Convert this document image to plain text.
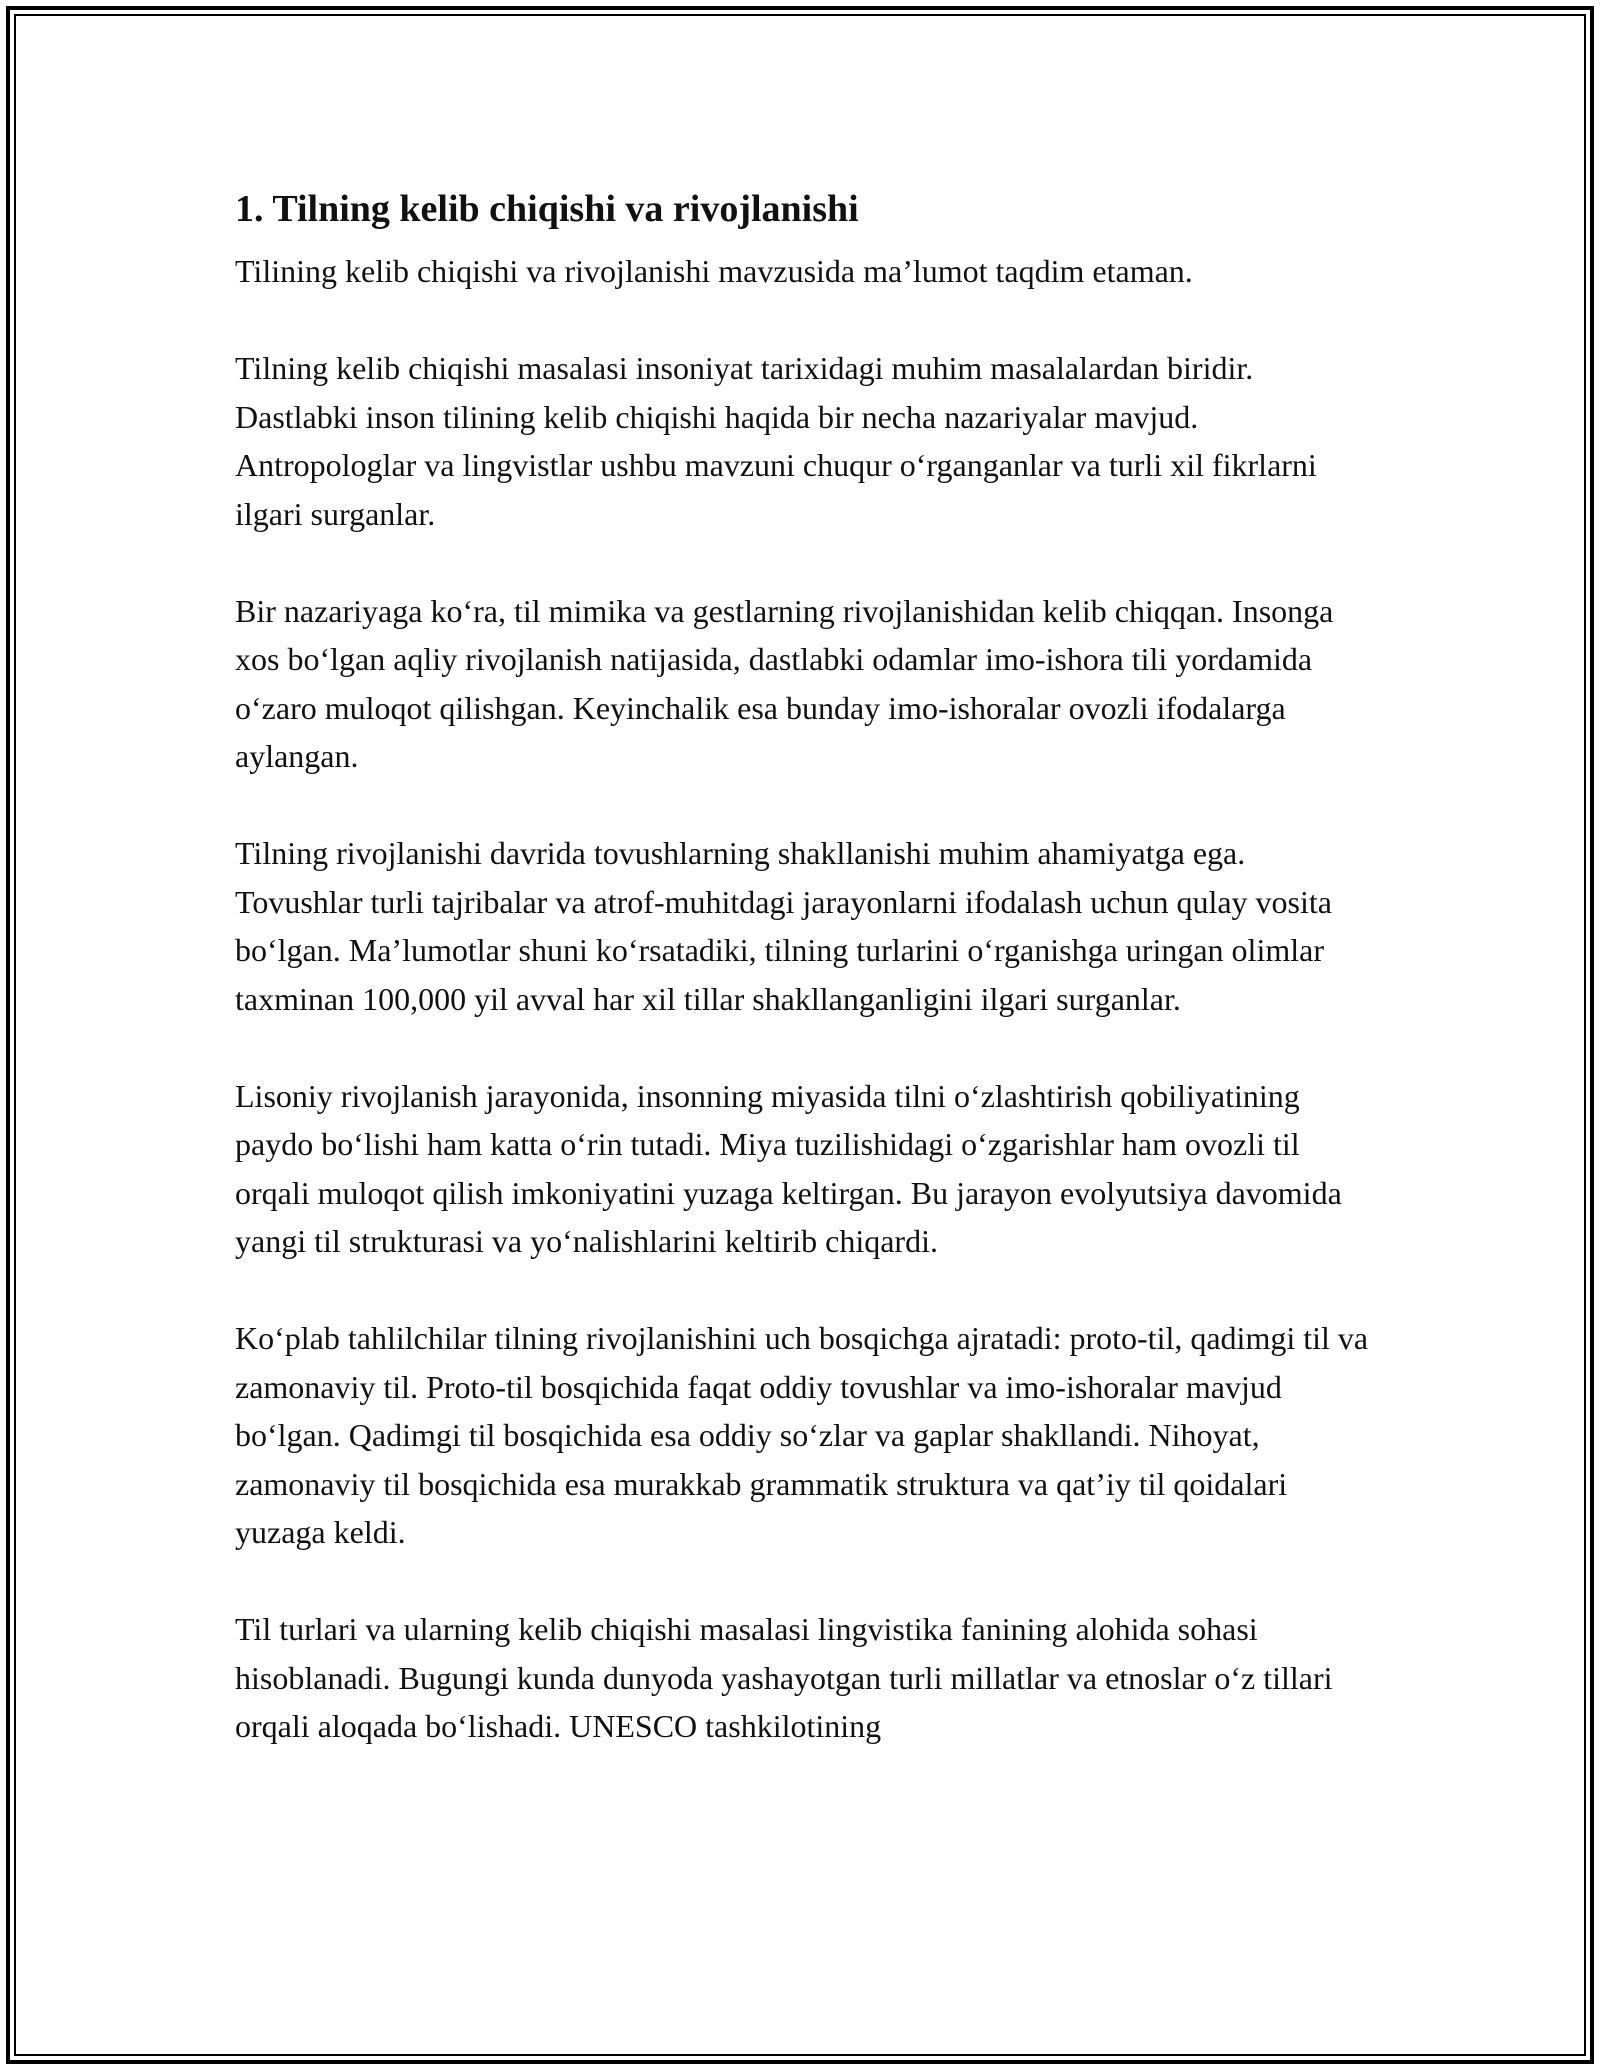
1. Tilning kelib chiqishi va rivojlanishi

Tilining kelib chiqishi va rivojlanishi mavzusida ma’lumot taqdim etaman.

Tilning kelib chiqishi masalasi insoniyat tarixidagi muhim masalalardan biridir. Dastlabki inson tilining kelib chiqishi haqida bir necha nazariyalar mavjud. Antropologlar va lingvistlar ushbu mavzuni chuqur o‘rganganlar va turli xil fikrlarni ilgari surganlar.

Bir nazariyaga ko‘ra, til mimika va gestlarning rivojlanishidan kelib chiqqan. Insonga xos bo‘lgan aqliy rivojlanish natijasida, dastlabki odamlar imo-ishora tili yordamida o‘zaro muloqot qilishgan. Keyinchalik esa bunday imo-ishoralar ovozli ifodalarga aylangan.

Tilning rivojlanishi davrida tovushlarning shakllanishi muhim ahamiyatga ega. Tovushlar turli tajribalar va atrof-muhitdagi jarayonlarni ifodalash uchun qulay vosita bo‘lgan. Ma’lumotlar shuni ko‘rsatadiki, tilning turlarini o‘rganishga uringan olimlar taxminan 100,000 yil avval har xil tillar shakllanganligini ilgari surganlar.

Lisoniy rivojlanish jarayonida, insonning miyasida tilni o‘zlashtirish qobiliyatining paydo bo‘lishi ham katta o‘rin tutadi. Miya tuzilishidagi o‘zgarishlar ham ovozli til orqali muloqot qilish imkoniyatini yuzaga keltirgan. Bu jarayon evolyutsiya davomida yangi til strukturasi va yo‘nalishlarini keltirib chiqardi.

Ko‘plab tahlilchilar tilning rivojlanishini uch bosqichga ajratadi: proto-til, qadimgi til va zamonaviy til. Proto-til bosqichida faqat oddiy tovushlar va imo-ishoralar mavjud bo‘lgan. Qadimgi til bosqichida esa oddiy so‘zlar va gaplar shakllandi. Nihoyat, zamonaviy til bosqichida esa murakkab grammatik struktura va qat’iy til qoidalari yuzaga keldi.

Til turlari va ularning kelib chiqishi masalasi lingvistika fanining alohida sohasi hisoblanadi. Bugungi kunda dunyoda yashayotgan turli millatlar va etnoslar o‘z tillari orqali aloqada bo‘lishadi. UNESCO tashkilotining
